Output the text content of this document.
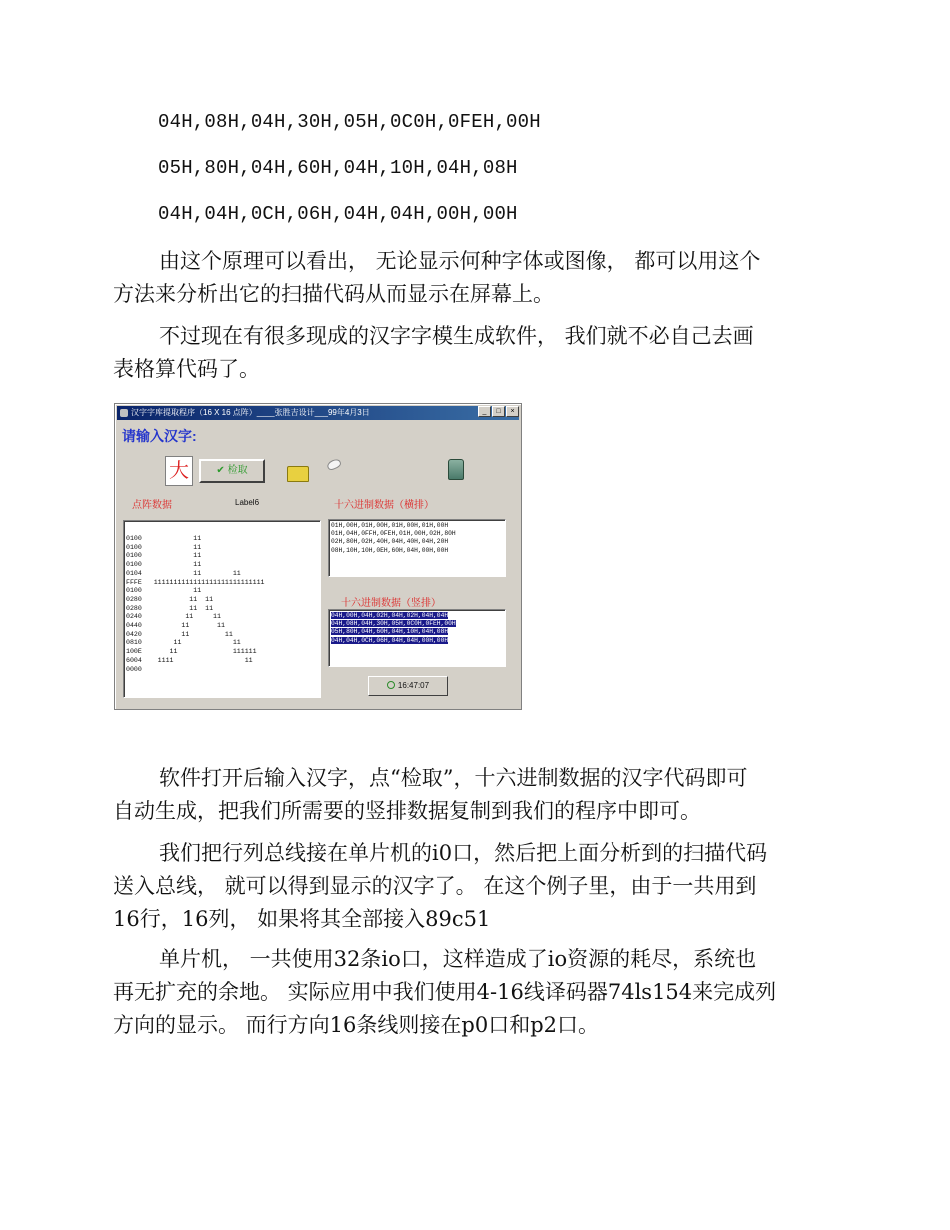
04H,08H,04H,30H,05H,0C0H,0FEH,00H
05H,80H,04H,60H,04H,10H,04H,08H
04H,04H,0CH,06H,04H,04H,00H,00H
由这个原理可以看出， 无论显示何种字体或图像， 都可以用这个
方法来分析出它的扫描代码从而显示在屏幕上。
不过现在有很多现成的汉字字模生成软件， 我们就不必自己去画
表格算代码了。
汉字字库提取程序（16 X 16 点阵）____张胜吉设计___99年4月3日	_	□	×
请输入汉字:
大	✔ 检取
点阵数据	Label6	十六进制数据（横排）
0100             11
0100             11
0100             11
0100             11
0104             11        11
FFFE   1111111111111111111111111111
0100             11
0280            11  11
0280            11  11
0240           11     11
0440          11       11
0420          11         11
0810        11             11
100E       11              111111
6004    1111                  11
0000
01H,00H,01H,00H,01H,00H,01H,00H
01H,04H,0FFH,0FEH,01H,00H,02H,80H
02H,80H,02H,40H,04H,40H,04H,20H
08H,10H,10H,0EH,60H,04H,00H,00H
十六进制数据（竖排）
04H,00H,04H,02H,04H,02H,04H,04H
04H,08H,04H,30H,05H,0C0H,0FEH,00H
05H,80H,04H,60H,04H,10H,04H,08H
04H,04H,0CH,06H,04H,04H,00H,00H
16:47:07
软件打开后输入汉字，点“检取”，十六进制数据的汉字代码即可
自动生成，把我们所需要的竖排数据复制到我们的程序中即可。
我们把行列总线接在单片机的i0口，然后把上面分析到的扫描代码
送入总线， 就可以得到显示的汉字了。 在这个例子里，由于一共用到
16行，16列， 如果将其全部接入89c51
单片机， 一共使用32条io口，这样造成了io资源的耗尽，系统也
再无扩充的余地。 实际应用中我们使用4-16线译码器74ls154来完成列
方向的显示。 而行方向16条线则接在p0口和p2口。
